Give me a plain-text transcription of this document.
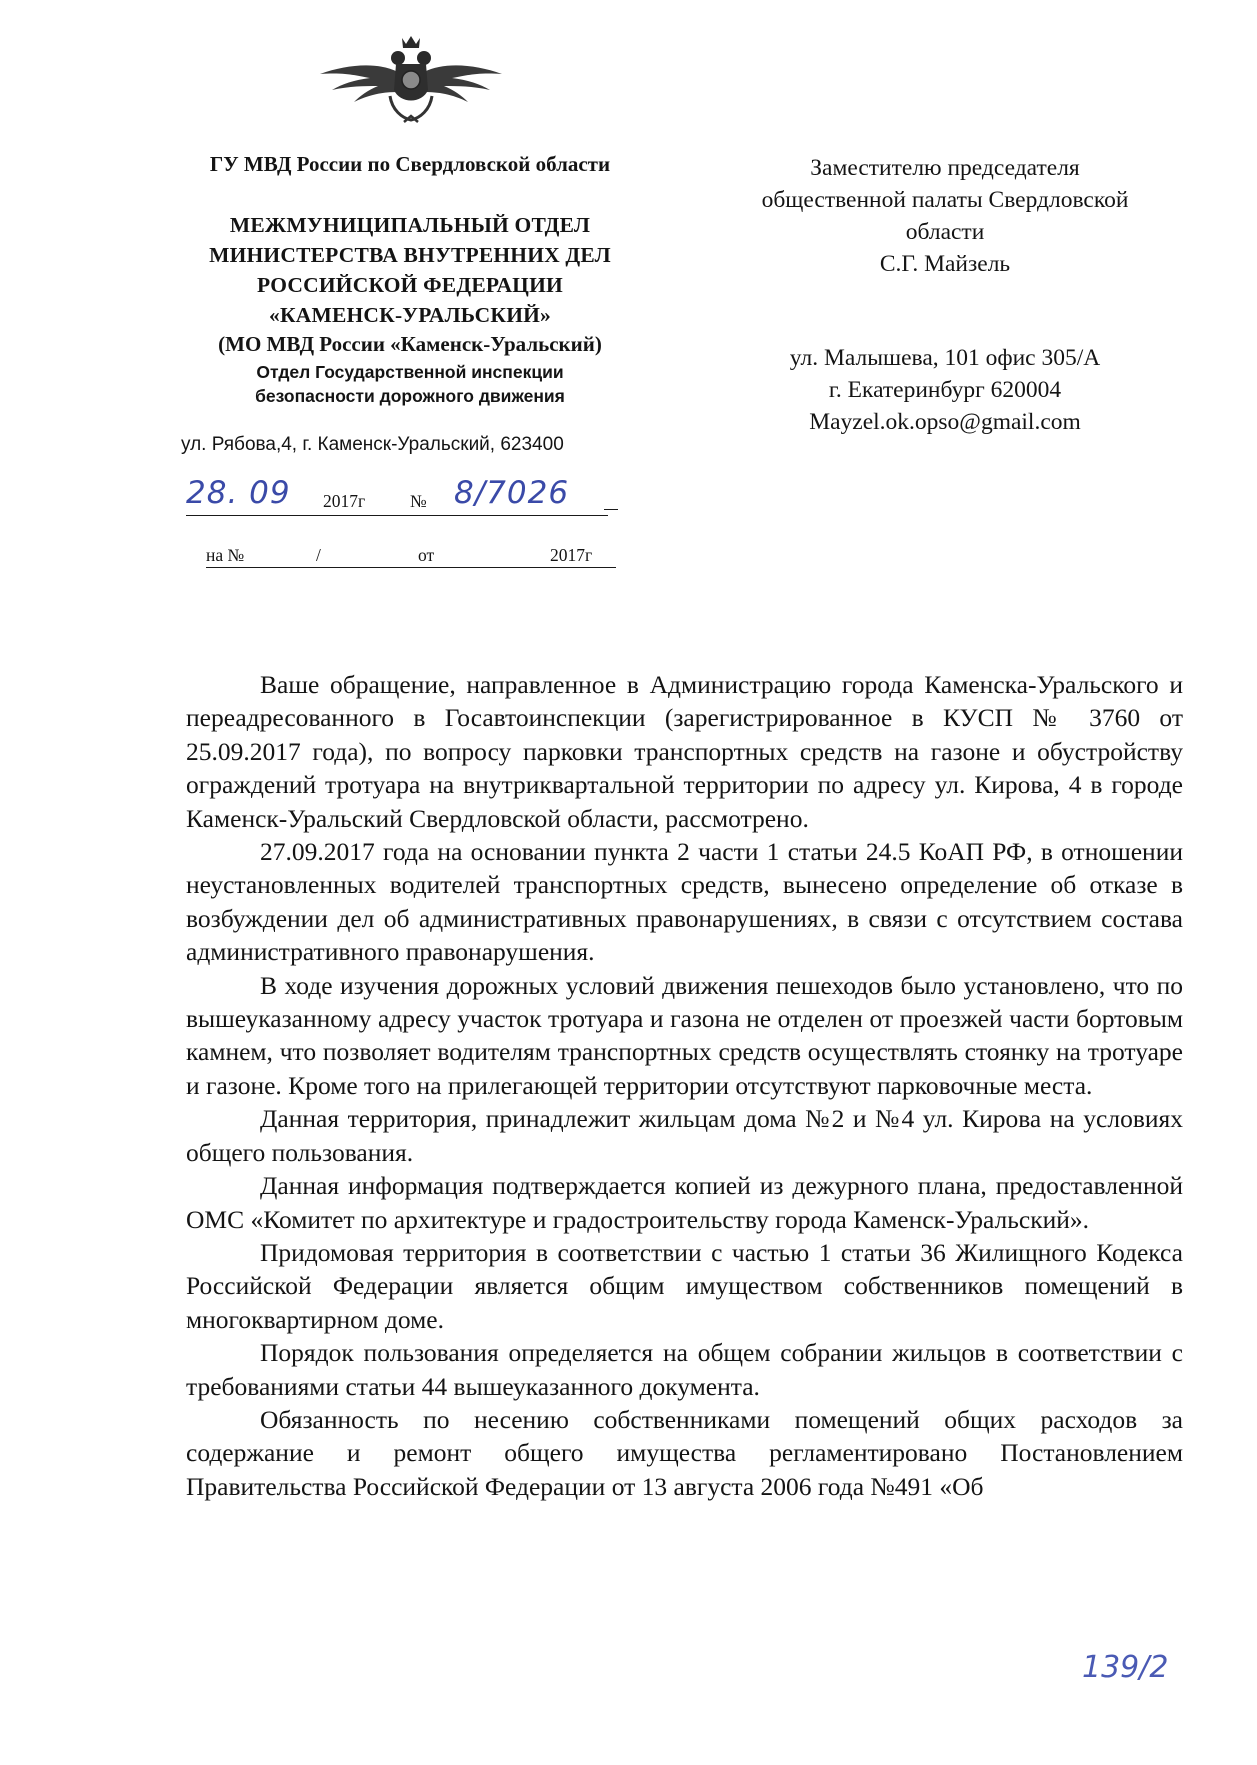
ГУ МВД России по Свердловской области
МЕЖМУНИЦИПАЛЬНЫЙ ОТДЕЛ
МИНИСТЕРСТВА ВНУТРЕННИХ ДЕЛ
РОССИЙСКОЙ ФЕДЕРАЦИИ
«КАМЕНСК-УРАЛЬСКИЙ»
(МО МВД России «Каменск-Уральский)
Отдел Государственной инспекции
безопасности дорожного движения
ул. Рябова,4, г. Каменск-Уральский, 623400
28. 09 2017г	№ 8/7026
на №	/	от	2017г
Заместителю председателя
общественной палаты Свердловской
области
С.Г. Майзель
ул. Малышева, 101 офис 305/А
г. Екатеринбург 620004
Mayzel.ok.opso@gmail.com

Ваше обращение, направленное в Администрацию города Каменска-Уральского и переадресованного в Госавтоинспекции (зарегистрированное в КУСП № 3760 от 25.09.2017 года), по вопросу парковки транспортных средств на газоне и обустройству ограждений тротуара на внутриквартальной территории по адресу ул. Кирова, 4 в городе Каменск-Уральский Свердловской области, рассмотрено.

27.09.2017 года на основании пункта 2 части 1 статьи 24.5 КоАП РФ, в отношении неустановленных водителей транспортных средств, вынесено определение об отказе в возбуждении дел об административных правонарушениях, в связи с отсутствием состава административного правонарушения.

В ходе изучения дорожных условий движения пешеходов было установлено, что по вышеуказанному адресу участок тротуара и газона не отделен от проезжей части бортовым камнем, что позволяет водителям транспортных средств осуществлять стоянку на тротуаре и газоне. Кроме того на прилегающей территории отсутствуют парковочные места.

Данная территория, принадлежит жильцам дома №2 и №4 ул. Кирова на условиях общего пользования.

Данная информация подтверждается копией из дежурного плана, предоставленной ОМС «Комитет по архитектуре и градостроительству города Каменск-Уральский».

Придомовая территория в соответствии с частью 1 статьи 36 Жилищного Кодекса Российской Федерации является общим имуществом собственников помещений в многоквартирном доме.

Порядок пользования определяется на общем собрании жильцов в соответствии с требованиями статьи 44 вышеуказанного документа.

Обязанность по несению собственниками помещений общих расходов за содержание и ремонт общего имущества регламентировано Постановлением Правительства Российской Федерации от 13 августа 2006 года №491 «Об

139/2
